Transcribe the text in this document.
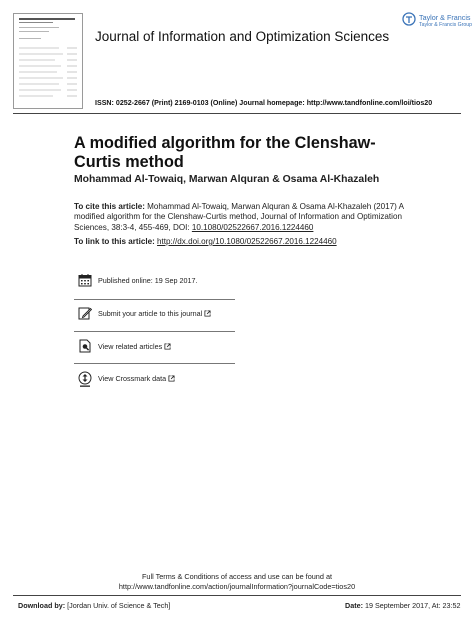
Journal of Information and Optimization Sciences
ISSN: 0252-2667 (Print) 2169-0103 (Online) Journal homepage: http://www.tandfonline.com/loi/tios20
Taylor & Francis
Taylor & Francis Group
A modified algorithm for the Clenshaw-Curtis method
Mohammad Al-Towaiq, Marwan Alquran & Osama Al-Khazaleh
To cite this article: Mohammad Al-Towaiq, Marwan Alquran & Osama Al-Khazaleh (2017) A modified algorithm for the Clenshaw-Curtis method, Journal of Information and Optimization Sciences, 38:3-4, 455-469, DOI: 10.1080/02522667.2016.1224460
To link to this article: http://dx.doi.org/10.1080/02522667.2016.1224460
Published online: 19 Sep 2017.
Submit your article to this journal
View related articles
View Crossmark data
Full Terms & Conditions of access and use can be found at
http://www.tandfonline.com/action/journalInformation?journalCode=tios20
Download by: [Jordan Univ. of Science & Tech]	Date: 19 September 2017, At: 23:52
